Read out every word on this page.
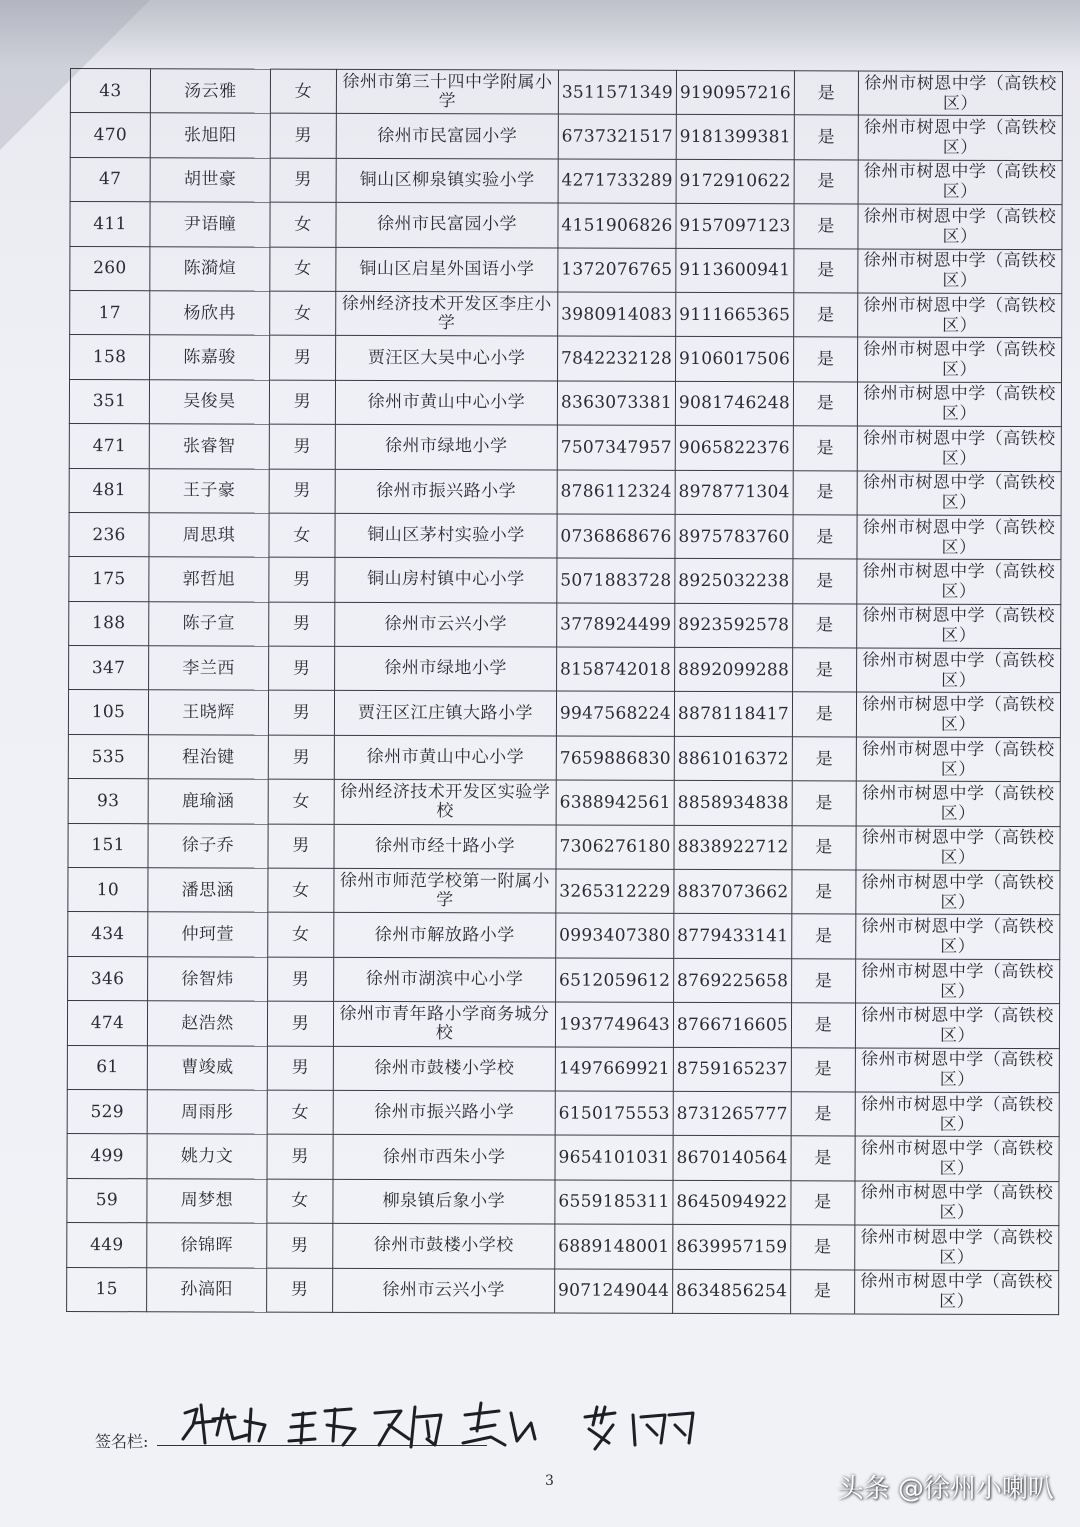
43	汤云雅	女	徐州市第三十四中学附属小学	3511571349	9190957216	是	徐州市树恩中学（高铁校区）
470	张旭阳	男	徐州市民富园小学	6737321517	9181399381	是	徐州市树恩中学（高铁校区）
47	胡世豪	男	铜山区柳泉镇实验小学	4271733289	9172910622	是	徐州市树恩中学（高铁校区）
411	尹语瞳	女	徐州市民富园小学	4151906826	9157097123	是	徐州市树恩中学（高铁校区）
260	陈漪煊	女	铜山区启星外国语小学	1372076765	9113600941	是	徐州市树恩中学（高铁校区）
17	杨欣冉	女	徐州经济技术开发区李庄小学	3980914083	9111665365	是	徐州市树恩中学（高铁校区）
158	陈嘉骏	男	贾汪区大吴中心小学	7842232128	9106017506	是	徐州市树恩中学（高铁校区）
351	吴俊昊	男	徐州市黄山中心小学	8363073381	9081746248	是	徐州市树恩中学（高铁校区）
471	张睿智	男	徐州市绿地小学	7507347957	9065822376	是	徐州市树恩中学（高铁校区）
481	王子豪	男	徐州市振兴路小学	8786112324	8978771304	是	徐州市树恩中学（高铁校区）
236	周思琪	女	铜山区茅村实验小学	0736868676	8975783760	是	徐州市树恩中学（高铁校区）
175	郭哲旭	男	铜山房村镇中心小学	5071883728	8925032238	是	徐州市树恩中学（高铁校区）
188	陈子宣	男	徐州市云兴小学	3778924499	8923592578	是	徐州市树恩中学（高铁校区）
347	李兰西	男	徐州市绿地小学	8158742018	8892099288	是	徐州市树恩中学（高铁校区）
105	王晓辉	男	贾汪区江庄镇大路小学	9947568224	8878118417	是	徐州市树恩中学（高铁校区）
535	程治键	男	徐州市黄山中心小学	7659886830	8861016372	是	徐州市树恩中学（高铁校区）
93	鹿瑜涵	女	徐州经济技术开发区实验学校	6388942561	8858934838	是	徐州市树恩中学（高铁校区）
151	徐子乔	男	徐州市经十路小学	7306276180	8838922712	是	徐州市树恩中学（高铁校区）
10	潘思涵	女	徐州市师范学校第一附属小学	3265312229	8837073662	是	徐州市树恩中学（高铁校区）
434	仲珂萱	女	徐州市解放路小学	0993407380	8779433141	是	徐州市树恩中学（高铁校区）
346	徐智炜	男	徐州市湖滨中心小学	6512059612	8769225658	是	徐州市树恩中学（高铁校区）
474	赵浩然	男	徐州市青年路小学商务城分校	1937749643	8766716605	是	徐州市树恩中学（高铁校区）
61	曹竣威	男	徐州市鼓楼小学校	1497669921	8759165237	是	徐州市树恩中学（高铁校区）
529	周雨彤	女	徐州市振兴路小学	6150175553	8731265777	是	徐州市树恩中学（高铁校区）
499	姚力文	男	徐州市西朱小学	9654101031	8670140564	是	徐州市树恩中学（高铁校区）
59	周梦想	女	柳泉镇后象小学	6559185311	8645094922	是	徐州市树恩中学（高铁校区）
449	徐锦晖	男	徐州市鼓楼小学校	6889148001	8639957159	是	徐州市树恩中学（高铁校区）
15	孙滈阳	男	徐州市云兴小学	9071249044	8634856254	是	徐州市树恩中学（高铁校区）
签名栏:
3	头条 @徐州小喇叭
